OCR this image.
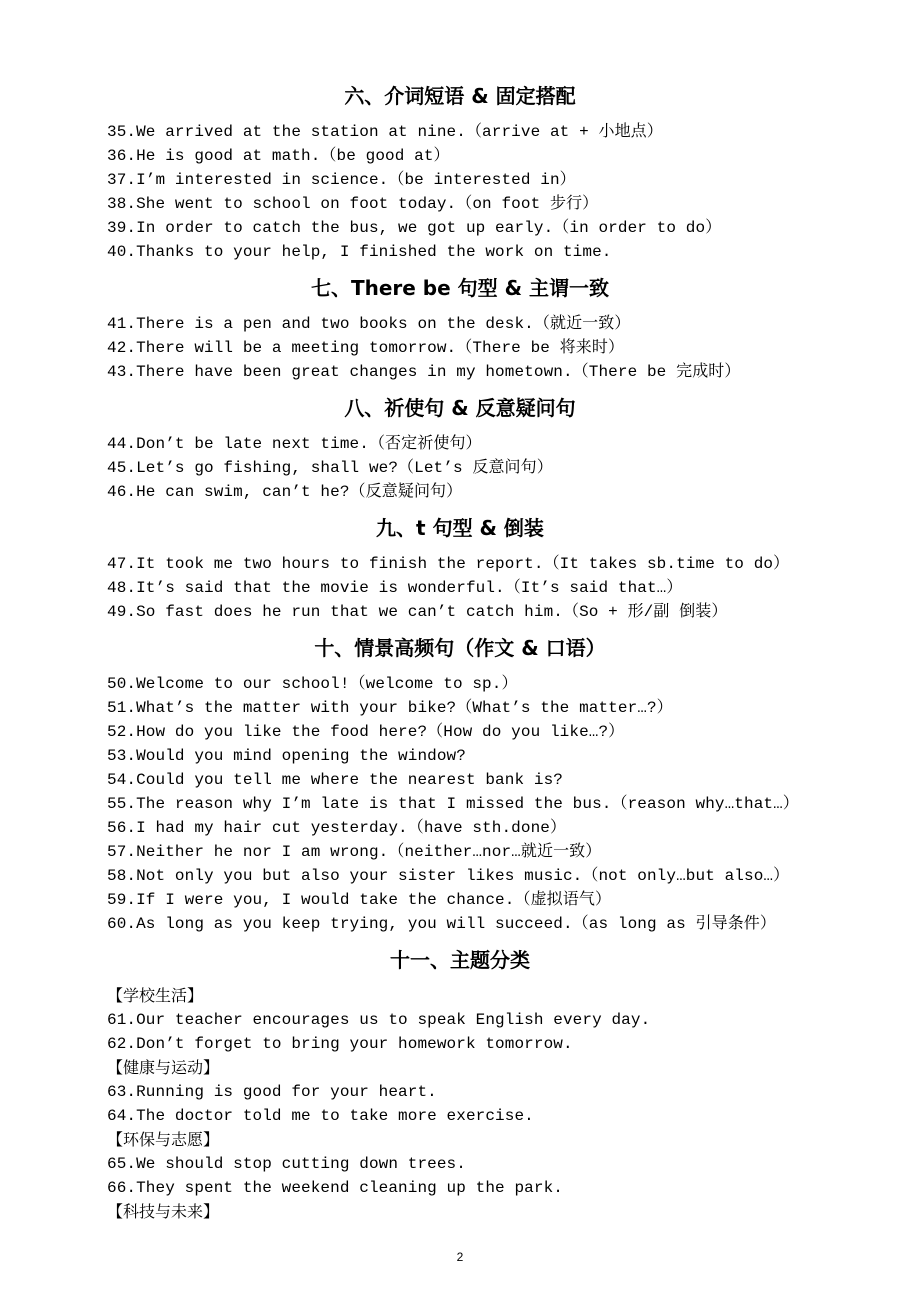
六、介词短语 & 固定搭配
35.We arrived at the station at nine.（arrive at + 小地点）
36.He is good at math.（be good at）
37.I’m interested in science.（be interested in）
38.She went to school on foot today.（on foot 步行）
39.In order to catch the bus, we got up early.（in order to do）
40.Thanks to your help, I finished the work on time.
七、There be 句型 & 主谓一致
41.There is a pen and two books on the desk.（就近一致）
42.There will be a meeting tomorrow.（There be 将来时）
43.There have been great changes in my hometown.（There be 完成时）
八、祈使句 & 反意疑问句
44.Don’t be late next time.（否定祈使句）
45.Let’s go fishing, shall we?（Let’s 反意问句）
46.He can swim, can’t he?（反意疑问句）
九、t 句型 & 倒装
47.It took me two hours to finish the report.（It takes sb.time to do）
48.It’s said that the movie is wonderful.（It’s said that…）
49.So fast does he run that we can’t catch him.（So + 形/副 倒装）
十、情景高频句（作文 & 口语）
50.Welcome to our school!（welcome to sp.）
51.What’s the matter with your bike?（What’s the matter…?）
52.How do you like the food here?（How do you like…?）
53.Would you mind opening the window?
54.Could you tell me where the nearest bank is?
55.The reason why I’m late is that I missed the bus.（reason why…that…）
56.I had my hair cut yesterday.（have sth.done）
57.Neither he nor I am wrong.（neither…nor…就近一致）
58.Not only you but also your sister likes music.（not only…but also…）
59.If I were you, I would take the chance.（虚拟语气）
60.As long as you keep trying, you will succeed.（as long as 引导条件）
十一、主题分类
【学校生活】
61.Our teacher encourages us to speak English every day.
62.Don’t forget to bring your homework tomorrow.
【健康与运动】
63.Running is good for your heart.
64.The doctor told me to take more exercise.
【环保与志愿】
65.We should stop cutting down trees.
66.They spent the weekend cleaning up the park.
【科技与未来】
2
